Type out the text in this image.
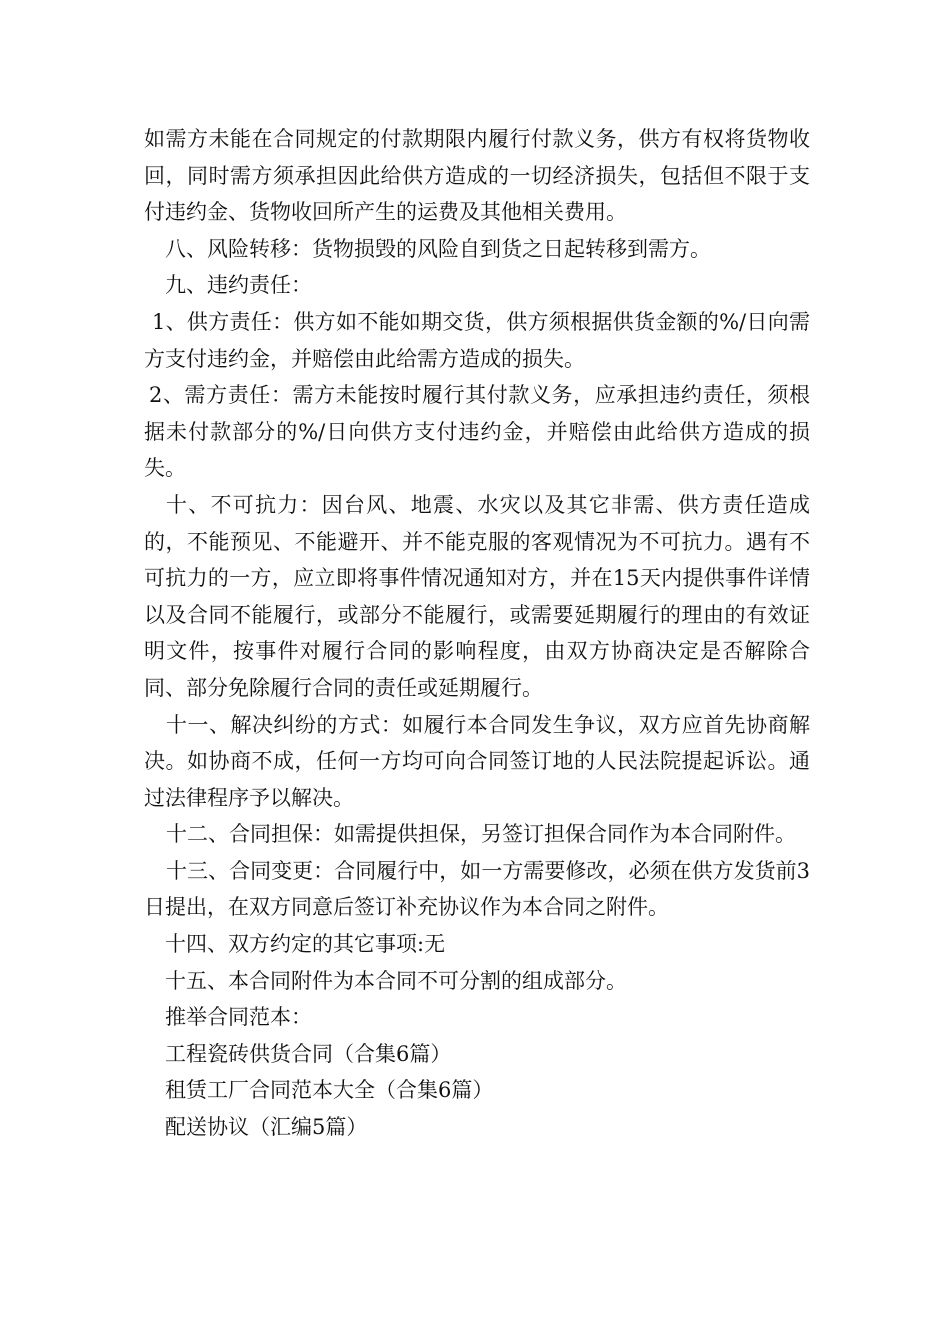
如需方未能在合同规定的付款期限内履行付款义务，供方有权将货物收回，同时需方须承担因此给供方造成的一切经济损失，包括但不限于支付违约金、货物收回所产生的运费及其他相关费用。

八、风险转移：货物损毁的风险自到货之日起转移到需方。

九、违约责任：

1、供方责任：供方如不能如期交货，供方须根据供货金额的%/日向需方支付违约金，并赔偿由此给需方造成的损失。

2、需方责任：需方未能按时履行其付款义务，应承担违约责任，须根据未付款部分的%/日向供方支付违约金，并赔偿由此给供方造成的损失。

十、不可抗力：因台风、地震、水灾以及其它非需、供方责任造成的，不能预见、不能避开、并不能克服的客观情况为不可抗力。遇有不可抗力的一方，应立即将事件情况通知对方，并在15天内提供事件详情以及合同不能履行，或部分不能履行，或需要延期履行的理由的有效证明文件，按事件对履行合同的影响程度，由双方协商决定是否解除合同、部分免除履行合同的责任或延期履行。

十一、解决纠纷的方式：如履行本合同发生争议，双方应首先协商解决。如协商不成，任何一方均可向合同签订地的人民法院提起诉讼。通过法律程序予以解决。

十二、合同担保：如需提供担保，另签订担保合同作为本合同附件。

十三、合同变更：合同履行中，如一方需要修改，必须在供方发货前3日提出，在双方同意后签订补充协议作为本合同之附件。

十四、双方约定的其它事项:无

十五、本合同附件为本合同不可分割的组成部分。

推举合同范本：

工程瓷砖供货合同（合集6篇）

租赁工厂合同范本大全（合集6篇）

配送协议（汇编5篇）
